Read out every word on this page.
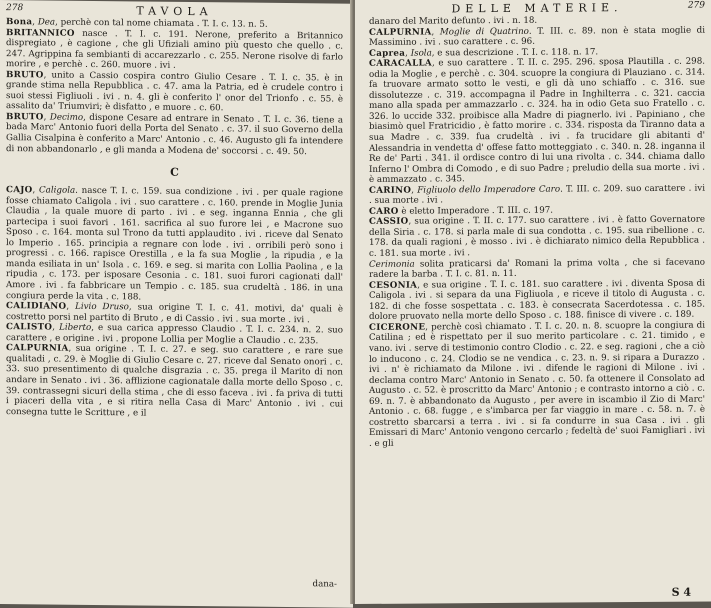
278	TAVOLA

Bona, Dea, perchè con tal nome chiamata . T. I. c. 13. n. 5.

BRITANNICO nasce . T. I. c. 191. Nerone, preferito a Britannico dispregiato , è cagione , che gli Ufiziali amino più questo che quello . c. 247. Agrippina fa sembianti di accarezzarlo . c. 255. Nerone risolve di farlo morire , e perchè . c. 260. muore . ivi .

BRUTO, unito a Cassio cospira contro Giulio Cesare . T. I. c. 35. è in grande stima nella Repubblica . c. 47. ama la Patria, ed è crudele contro i suoi stessi Figliuoli . ivi . n. 4. gli è conferito l' onor del Trionfo . c. 55. è assalito da' Triumviri; è disfatto , e muore . c. 60.

BRUTO, Decimo, dispone Cesare ad entrare in Senato . T. I. c. 36. tiene a bada Marc' Antonio fuori della Porta del Senato . c. 37. il suo Governo della Gallia Cisalpina è conferito a Marc' Antonio . c. 46. Augusto gli fa intendere di non abbandonarlo , e gli manda a Modena de' soccorsi . c. 49. 50.

C

CAJO, Caligola. nasce T. I. c. 159. sua condizione . ivi . per quale ragione fosse chiamato Caligola . ivi . suo carattere . c. 160. prende in Moglie Junia Claudia , la quale muore di parto . ivi . e seg. inganna Ennia , che gli partecipa i suoi favori . 161. sacrifica al suo furore lei , e Macrone suo Sposo . c. 164. monta sul Trono da tutti applaudito . ivi . riceve dal Senato lo Imperio . 165. principia a regnare con lode . ivi . orribili però sono i progressi . c. 166. rapisce Orestilla , e la fa sua Moglie , la ripudia , e la manda esiliata in un' Isola . c. 169. e seg. si marita con Lollia Paolina , e la ripudia , c. 173. per isposare Cesonia . c. 181. suoi furori cagionati dall' Amore . ivi . fa fabbricare un Tempio . c. 185. sua crudeltà . 186. in una congiura perde la vita . c. 188.

CALIDIANO, Livio Druso, sua origine T. I. c. 41. motivi, da' quali è costretto porsi nel partito di Bruto , e di Cassio . ivi . sua morte . ivi .

CALISTO, Liberto, e sua carica appresso Claudio . T. I. c. 234. n. 2. suo carattere , e origine . ivi . propone Lollia per Moglie a Claudio . c. 235.

CALPURNIA, sua origine . T. I. c. 27. e seg. suo carattere , e rare sue qualitadi , c. 29. è Moglie di Giulio Cesare c. 27. riceve dal Senato onori . c. 33. suo presentimento di qualche disgrazia . c. 35. prega il Marito di non andare in Senato . ivi . 36. afflizione cagionatale dalla morte dello Sposo . c. 39. contrassegni sicuri della stima , che di esso faceva . ivi . fa priva di tutti i piaceri della vita , e si ritira nella Casa di Marc' Antonio . ivi . cui consegna tutte le Scritture , e il

dana-
DELLE MATERIE.	279

danaro del Marito defunto . ivi . n. 18.

CALPURNIA, Moglie di Quatrino. T. III. c. 89. non è stata moglie di Massimino . ivi . suo carattere . c. 96.

Caprea, Isola, e sua descrizione . T. I. c. 118. n. 17.

CARACALLA, e suo carattere . T. II. c. 295. 296. sposa Plautilla . c. 298. odia la Moglie , e perchè . c. 304. scuopre la congiura di Plauziano . c. 314. fa truovare armato sotto le vesti, e gli dà uno schiaffo . c. 316. sue dissolutezze . c. 319. accompagna il Padre in Inghilterra . c. 321. caccia mano alla spada per ammazzarlo . c. 324. ha in odio Geta suo Fratello . c. 326. lo uccide 332. proibisce alla Madre di piagnerlo. ivi . Papiniano , che biasimò quel Fratricidio , è fatto morire . c. 334. risposta da Tiranno data a sua Madre . c. 339. fua crudeltà . ivi . fa trucidare gli abitanti d' Alessandria in vendetta d' offese fatto motteggiato . c. 340. n. 28. inganna il Re de' Parti . 341. il ordisce contro di lui una rivolta . c. 344. chiama dallo Inferno l' Ombra di Comodo , e di suo Padre ; preludio della sua morte . ivi . è ammazzato . c. 345.

CARINO, Figliuolo dello Imperadore Caro. T. III. c. 209. suo carattere . ivi . sua morte . ivi .

CARO è eletto Imperadore . T. III. c. 197.

CASSIO, sua origine . T. II. c. 177. suo carattere . ivi . è fatto Governatore della Siria . c. 178. si parla male di sua condotta . c. 195. sua ribellione . c. 178. da quali ragioni , è mosso . ivi . è dichiarato nimico della Repubblica . c. 181. sua morte . ivi .

Cerimonia solita praticarsi da' Romani la prima volta , che si facevano radere la barba . T. I. c. 81. n. 11.

CESONIA, e sua origine . T. I. c. 181. suo carattere . ivi . diventa Sposa di Caligola . ivi . si separa da una Figliuola , e riceve il titolo di Augusta . c. 182. di che fosse sospettata . c. 183. è consecrata Sacerdotessa . c. 185. dolore pruovato nella morte dello Sposo . c. 188. finisce di vivere . c. 189.

CICERONE, perchè così chiamato . T. I. c. 20. n. 8. scuopre la congiura di Catilina ; ed è rispettato per il suo merito particolare . c. 21. timido , e vano. ivi . serve di testimonio contro Clodio . c. 22. e seg. ragioni , che a ciò lo inducono . c. 24. Clodio se ne vendica . c. 23. n. 9. si ripara a Durazzo . ivi . n' è richiamato da Milone . ivi . difende le ragioni di Milone . ivi . declama contro Marc' Antonio in Senato . c. 50. fa ottenere il Consolato ad Augusto . c. 52. è proscritto da Marc' Antonio ; e contrasto intorno a ciò . c. 69. n. 7. è abbandonato da Augusto , per avere in iscambio il Zio di Marc' Antonio . c. 68. fugge , e s'imbarca per far viaggio in mare . c. 58. n. 7. è costretto sbarcarsi a terra . ivi . si fa condurre in sua Casa . ivi . gli Emissari di Marc' Antonio vengono cercarlo ; fedeltà de' suoi Famigliari . ivi . e gli

S 4
